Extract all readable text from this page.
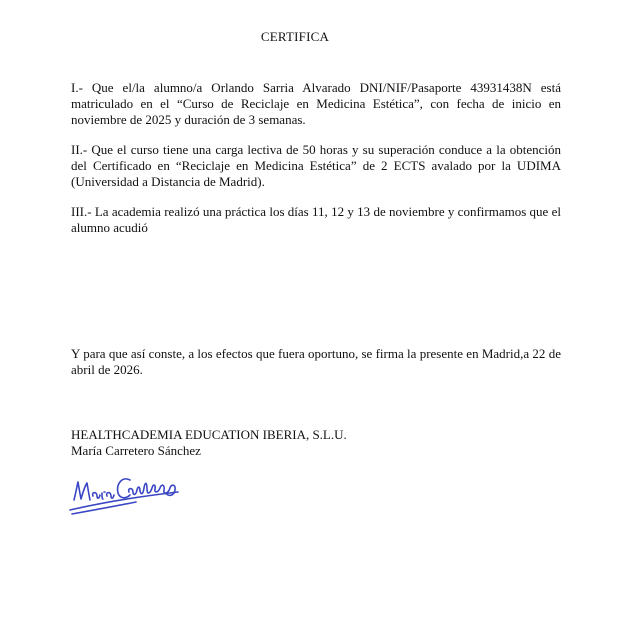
CERTIFICA

I.- Que el/la alumno/a Orlando Sarria Alvarado DNI/NIF/Pasaporte 43931438N está matriculado en el “Curso de Reciclaje en Medicina Estética”, con fecha de inicio en noviembre de 2025 y duración de 3 semanas.

II.- Que el curso tiene una carga lectiva de 50 horas y su superación conduce a la obtención del Certificado en “Reciclaje en Medicina Estética” de 2 ECTS avalado por la UDIMA (Universidad a Distancia de Madrid).

III.- La academia realizó una práctica los días 11, 12 y 13 de noviembre y confirmamos que el alumno acudió

Y para que así conste, a los efectos que fuera oportuno, se firma la presente en Madrid,a 22 de abril de 2026.

HEALTHCADEMIA EDUCATION IBERIA, S.L.U.

María Carretero Sánchez
